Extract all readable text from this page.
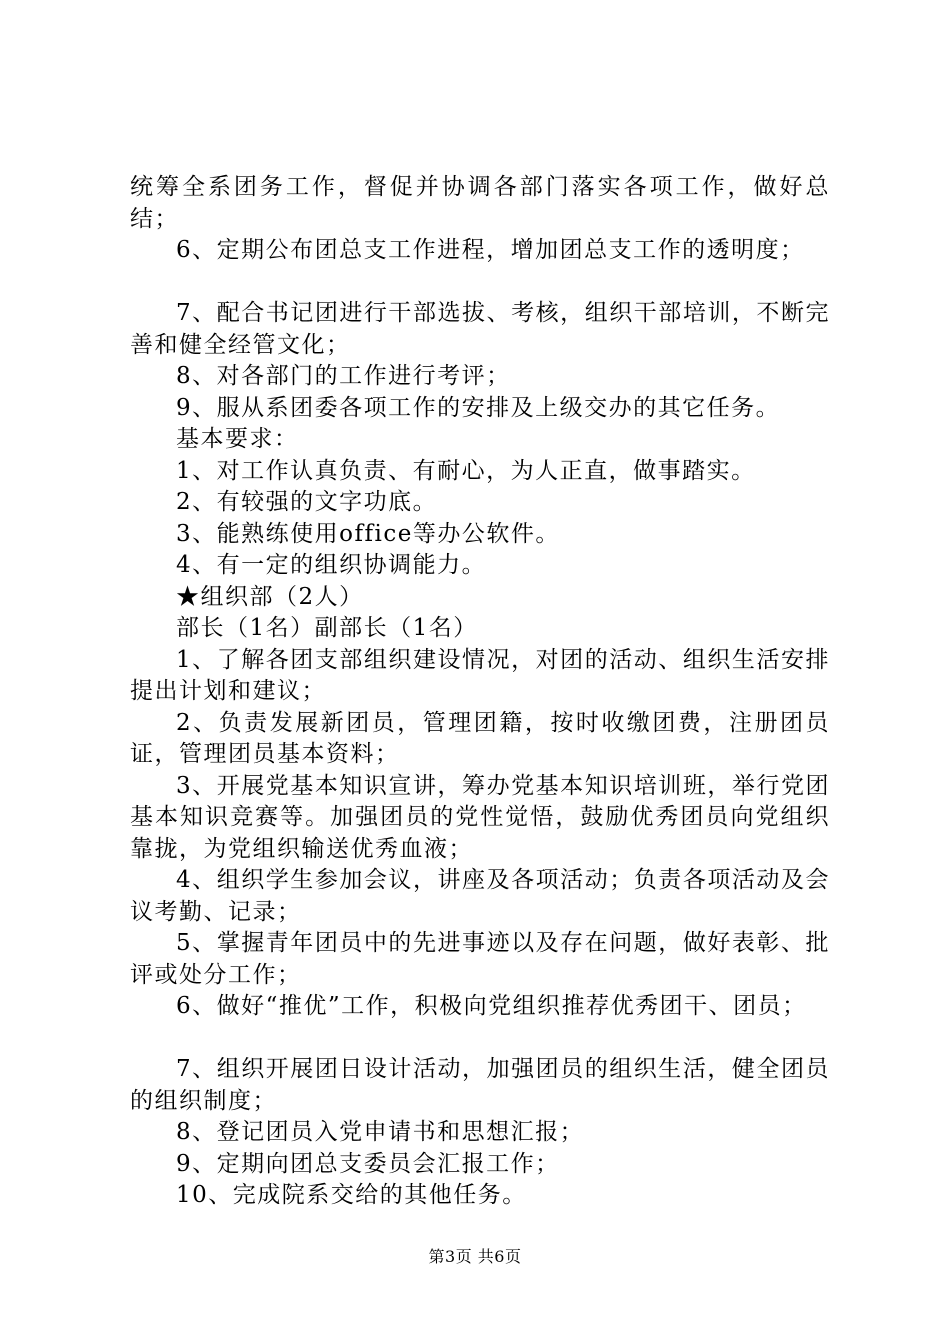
统筹全系团务工作，督促并协调各部门落实各项工作，做好总结；

6、定期公布团总支工作进程，增加团总支工作的透明度；

7、配合书记团进行干部选拔、考核，组织干部培训，不断完善和健全经管文化；

8、对各部门的工作进行考评；

9、服从系团委各项工作的安排及上级交办的其它任务。

基本要求：

1、对工作认真负责、有耐心，为人正直，做事踏实。

2、有较强的文字功底。

3、能熟练使用office等办公软件。

4、有一定的组织协调能力。

★组织部（2人）

部长（1名）副部长（1名）

1、了解各团支部组织建设情况，对团的活动、组织生活安排提出计划和建议；

2、负责发展新团员，管理团籍，按时收缴团费，注册团员证，管理团员基本资料；

3、开展党基本知识宣讲，筹办党基本知识培训班，举行党团基本知识竞赛等。加强团员的党性觉悟，鼓励优秀团员向党组织靠拢，为党组织输送优秀血液；

4、组织学生参加会议，讲座及各项活动；负责各项活动及会议考勤、记录；

5、掌握青年团员中的先进事迹以及存在问题，做好表彰、批评或处分工作；

6、做好“推优”工作，积极向党组织推荐优秀团干、团员；

7、组织开展团日设计活动，加强团员的组织生活，健全团员的组织制度；

8、登记团员入党申请书和思想汇报；

9、定期向团总支委员会汇报工作；

10、完成院系交给的其他任务。

第3页 共6页
